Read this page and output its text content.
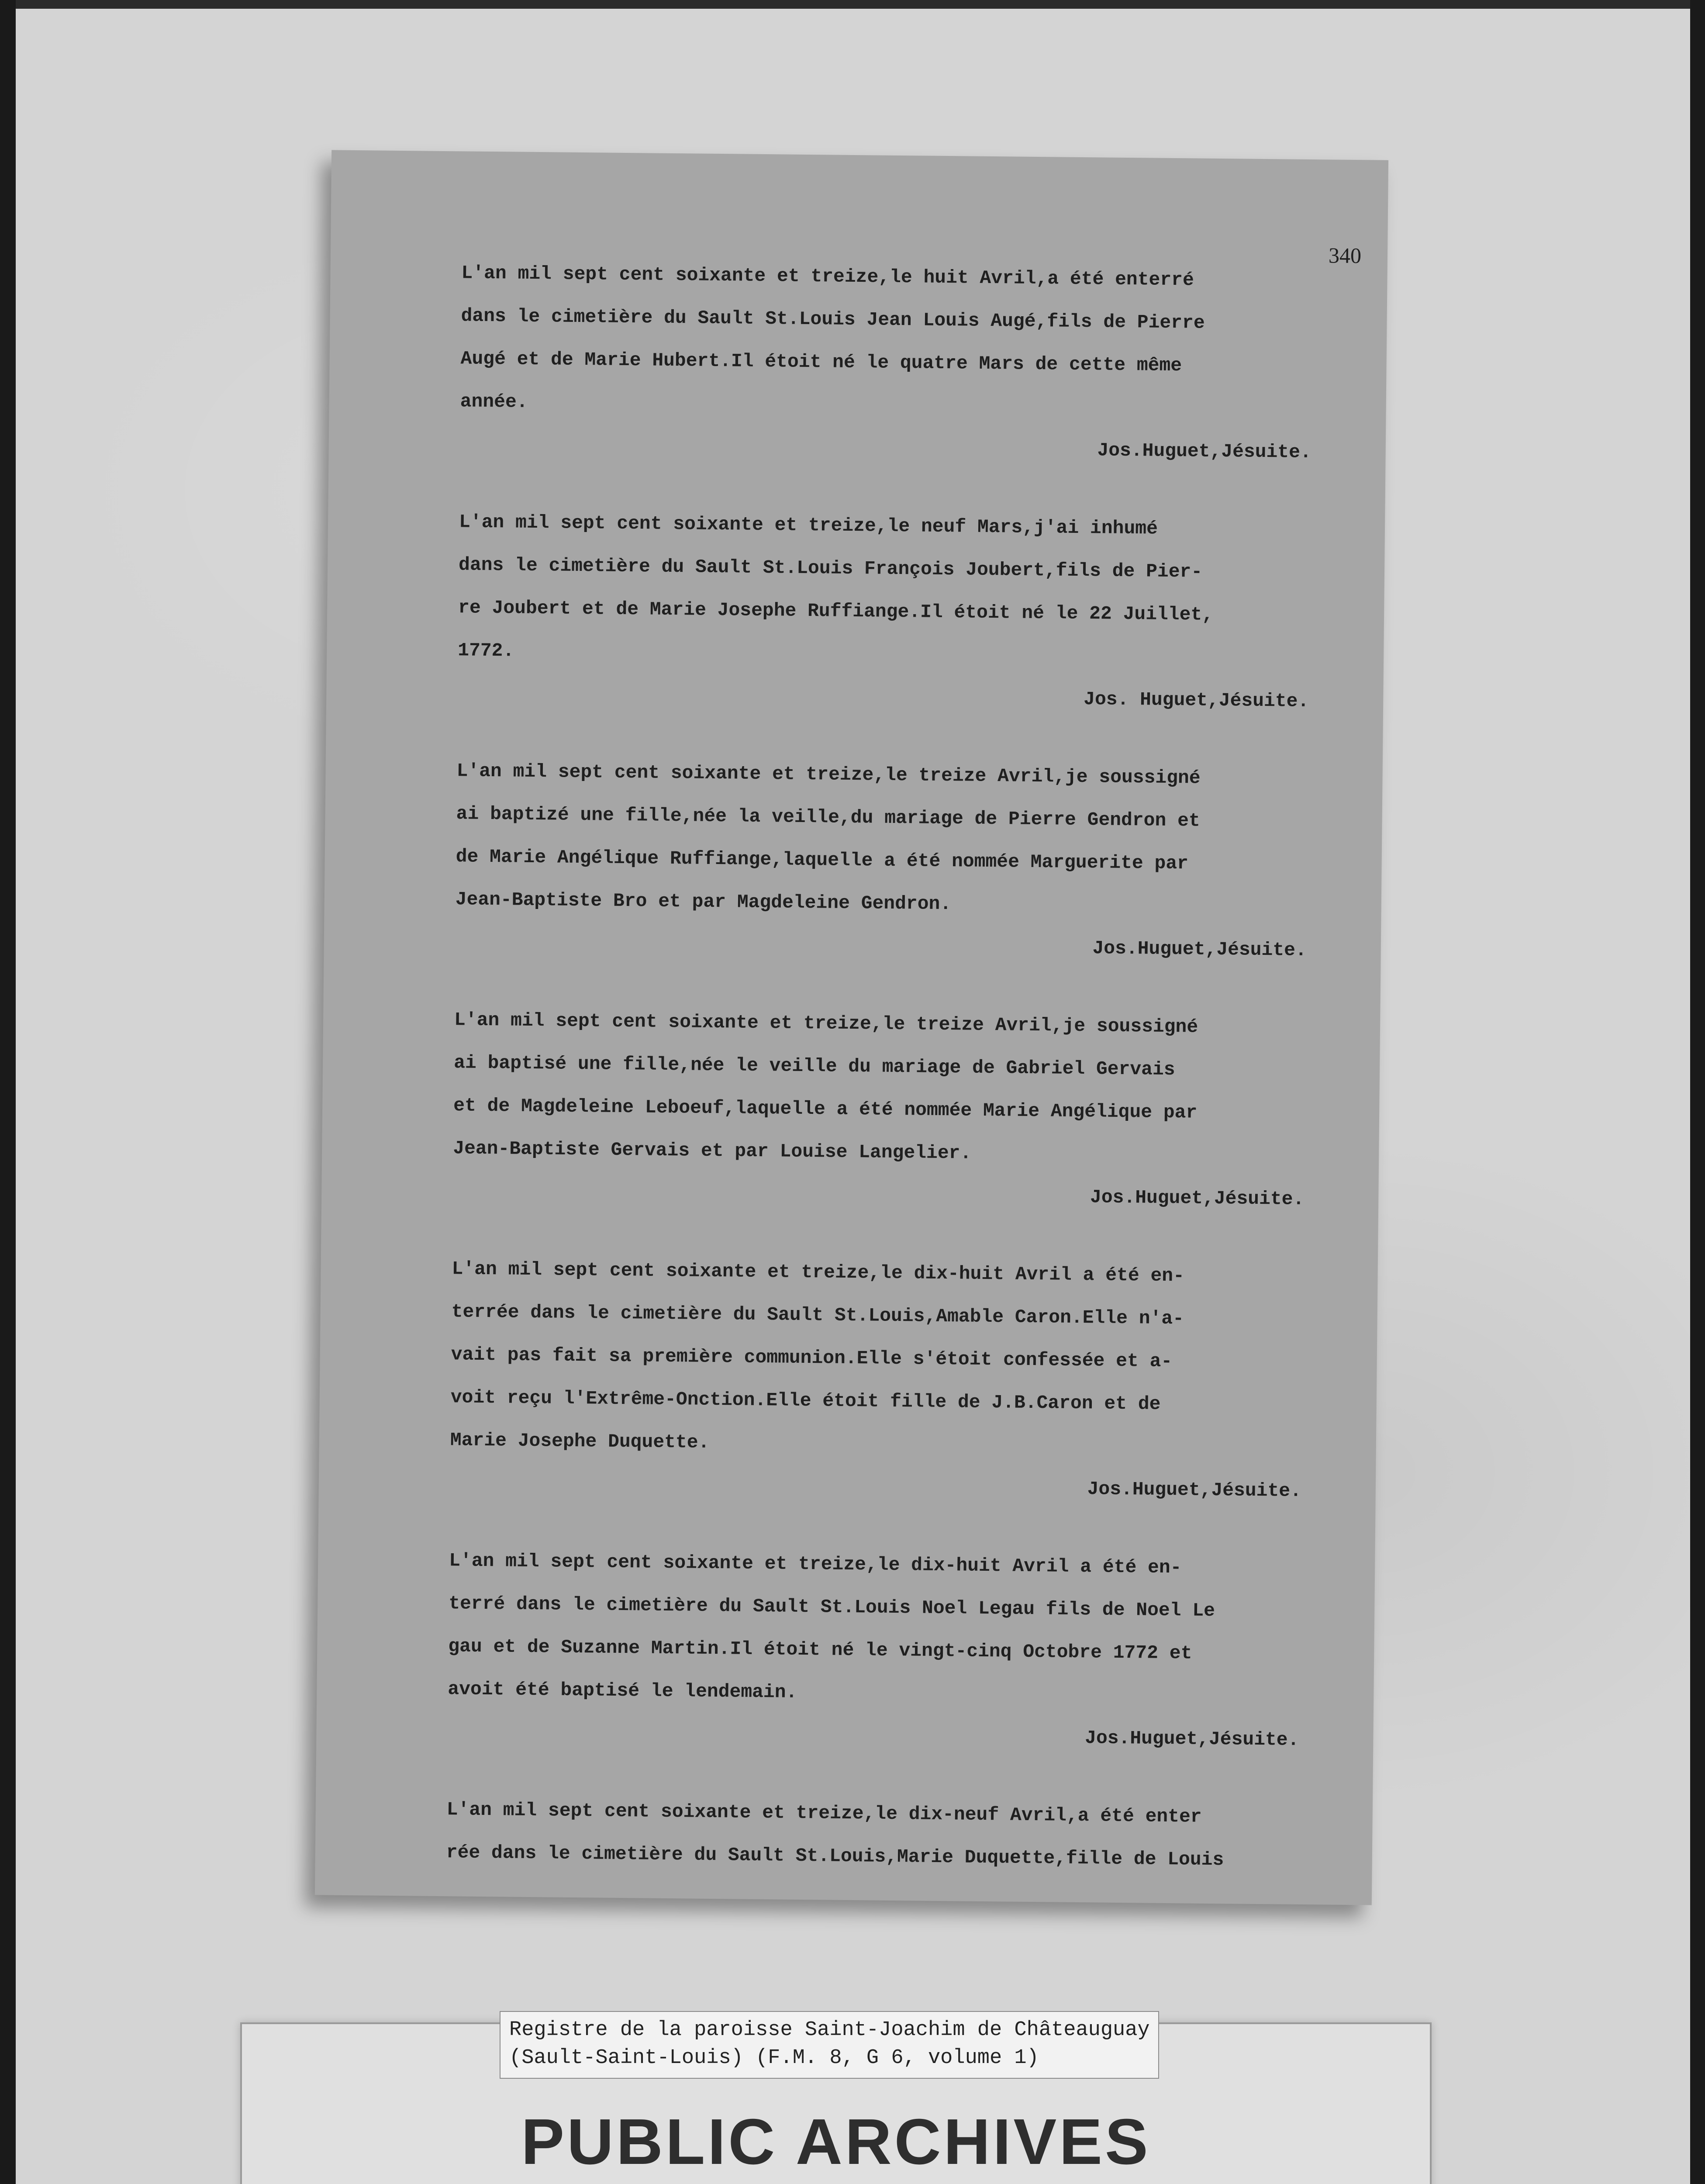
340
L'an mil sept cent soixante et treize,le huit Avril,a été enterré
dans le cimetière du Sault St.Louis Jean Louis Augé,fils de Pierre
Augé et de Marie Hubert.Il étoit né le quatre Mars de cette même
année.
Jos.Huguet,Jésuite.
L'an mil sept cent soixante et treize,le neuf Mars,j'ai inhumé
dans le cimetière du Sault St.Louis François Joubert,fils de Pier-
re Joubert et de Marie Josephe Ruffiange.Il étoit né le 22 Juillet,
1772.
Jos. Huguet,Jésuite.
L'an mil sept cent soixante et treize,le treize Avril,je soussigné
ai baptizé une fille,née la veille,du mariage de Pierre Gendron et
de Marie Angélique Ruffiange,laquelle a été nommée Marguerite par
Jean-Baptiste Bro et par Magdeleine Gendron.
Jos.Huguet,Jésuite.
L'an mil sept cent soixante et treize,le treize Avril,je soussigné
ai baptisé une fille,née le veille du mariage de Gabriel Gervais
et de Magdeleine Leboeuf,laquelle a été nommée Marie Angélique par
Jean-Baptiste Gervais et par Louise Langelier.
Jos.Huguet,Jésuite.
L'an mil sept cent soixante et treize,le dix-huit Avril a été en-
terrée dans le cimetière du Sault St.Louis,Amable Caron.Elle n'a-
vait pas fait sa première communion.Elle s'étoit confessée et a-
voit reçu l'Extrême-Onction.Elle étoit fille de J.B.Caron et de
Marie Josephe Duquette.
Jos.Huguet,Jésuite.
L'an mil sept cent soixante et treize,le dix-huit Avril a été en-
terré dans le cimetière du Sault St.Louis Noel Legau fils de Noel Le
gau et de Suzanne Martin.Il étoit né le vingt-cinq Octobre 1772 et
avoit été baptisé le lendemain.
Jos.Huguet,Jésuite.
L'an mil sept cent soixante et treize,le dix-neuf Avril,a été enter
rée dans le cimetière du Sault St.Louis,Marie Duquette,fille de Louis
Registre de la paroisse Saint-Joachim de Châteauguay
(Sault-Saint-Louis) (F.M. 8, G 6, volume 1)
PUBLIC ARCHIVES
